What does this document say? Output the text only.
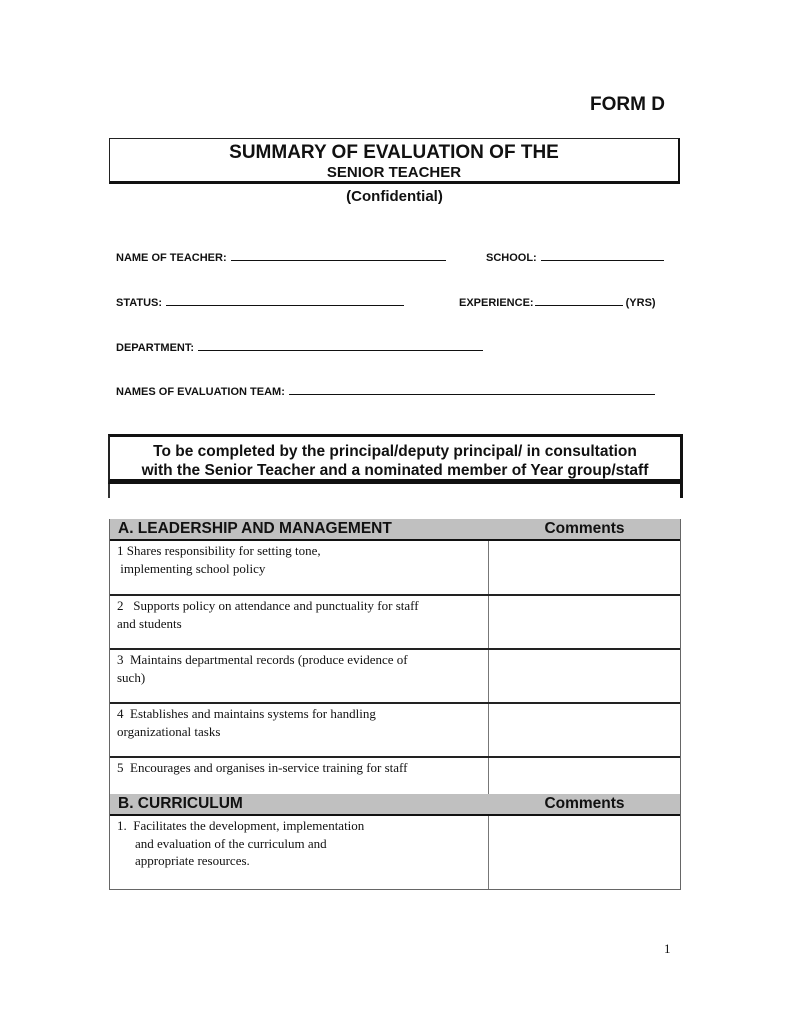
FORM D
SUMMARY OF EVALUATION OF THE
SENIOR TEACHER
(Confidential)
NAME OF TEACHER:	SCHOOL:
STATUS:	EXPERIENCE:	(YRS)
DEPARTMENT:
NAMES OF EVALUATION TEAM:
To be completed by the principal/deputy principal/ in consultation
with the Senior Teacher and a nominated member of Year group/staff
A. LEADERSHIP AND MANAGEMENT	Comments
1 Shares responsibility for setting tone,
implementing school policy
2   Supports policy on attendance and punctuality for staff
and students
3  Maintains departmental records (produce evidence of
such)
4  Establishes and maintains systems for handling
organizational tasks
5  Encourages and organises in-service training for staff
B. CURRICULUM	Comments
1.  Facilitates the development, implementation
and evaluation of the curriculum and
appropriate resources.
1
